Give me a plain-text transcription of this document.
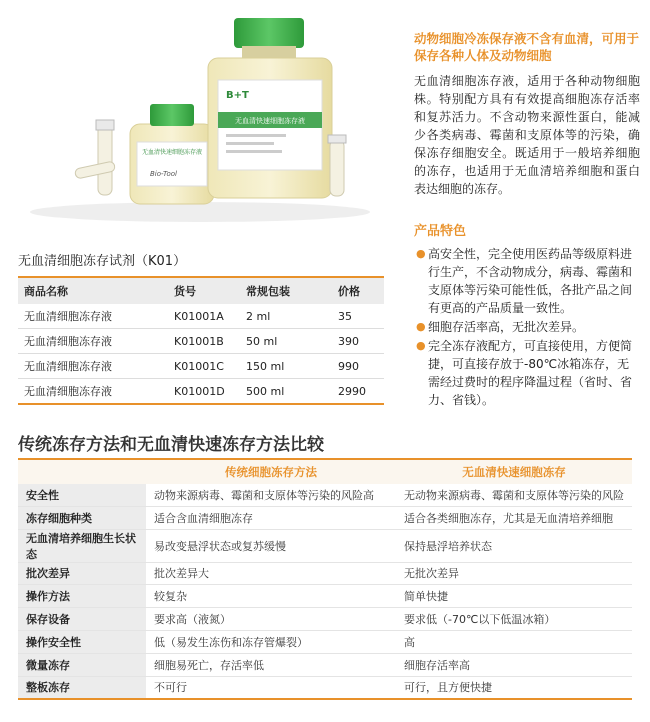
无血清快速细胞冻存液
Bio-Tool
B+T
无血清快速细胞冻存液

动物细胞冷冻保存液不含有血清，可用于保存各种人体及动物细胞

无血清细胞冻存液，适用于各种动物细胞株。特别配方具有有效提高细胞冻存活率和复苏活力。不含动物来源性蛋白，能减少各类病毒、霉菌和支原体等的污染，确保冻存细胞安全。既适用于一般培养细胞的冻存，也适用于无血清培养细胞和蛋白表达细胞的冻存。

产品特色
● 高安全性，完全使用医药品等级原料进行生产，不含动物成分，病毒、霉菌和支原体等污染可能性低，各批产品之间有更高的产品质量一致性。
● 细胞存活率高，无批次差异。
● 完全冻存液配方，可直接使用，方便简捷，可直接存放于-80℃冰箱冻存，无需经过费时的程序降温过程（省时、省力、省钱）。
无血清细胞冻存试剂（K01）
商品名称	货号	常规包装	价格
无血清细胞冻存液	K01001A	2 ml	35
无血清细胞冻存液	K01001B	50 ml	390
无血清细胞冻存液	K01001C	150 ml	990
无血清细胞冻存液	K01001D	500 ml	2990
传统冻存方法和无血清快速冻存方法比较
	传统细胞冻存方法	无血清快速细胞冻存
安全性	动物来源病毒、霉菌和支原体等污染的风险高	无动物来源病毒、霉菌和支原体等污染的风险
冻存细胞种类	适合含血清细胞冻存	适合各类细胞冻存，尤其是无血清培养细胞
无血清培养细胞生长状态	易改变悬浮状态或复苏缓慢	保持悬浮培养状态
批次差异	批次差异大	无批次差异
操作方法	较复杂	简单快捷
保存设备	要求高（液氮）	要求低（-70℃以下低温冰箱）
操作安全性	低（易发生冻伤和冻存管爆裂）	高
微量冻存	细胞易死亡，存活率低	细胞存活率高
整板冻存	不可行	可行，且方便快捷
